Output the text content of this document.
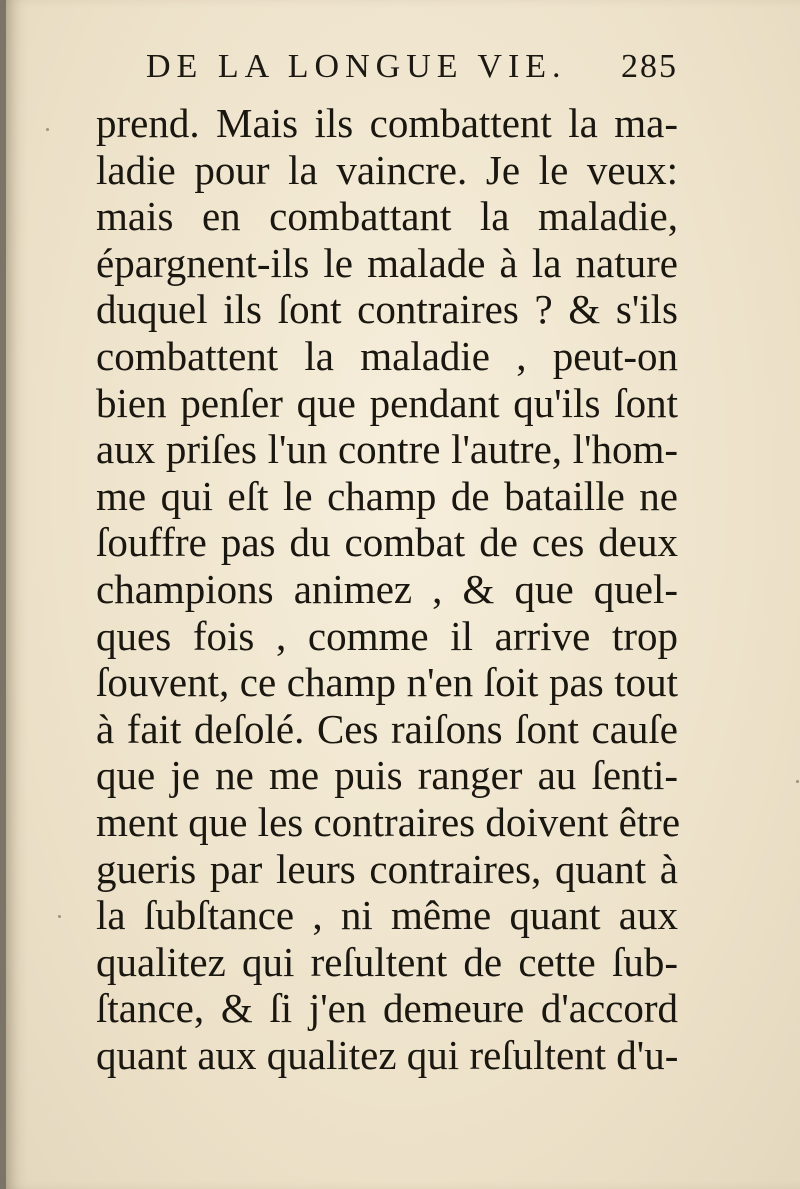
DE LA LONGUE VIE. 285
prend. Mais ils combattent la ma-
ladie pour la vaincre. Je le veux:
mais en combattant la maladie,
épargnent-ils le malade à la nature
duquel ils ſont contraires ? & s'ils
combattent la maladie , peut-on
bien penſer que pendant qu'ils ſont
aux priſes l'un contre l'autre, l'hom-
me qui eſt le champ de bataille ne
ſouffre pas du combat de ces deux
champions animez , & que quel-
ques fois , comme il arrive trop
ſouvent, ce champ n'en ſoit pas tout
à fait deſolé. Ces raiſons ſont cauſe
que je ne me puis ranger au ſenti-
ment que les contraires doivent être
gueris par leurs contraires, quant à
la ſubſtance , ni même quant aux
qualitez qui reſultent de cette ſub-
ſtance, & ſi j'en demeure d'accord
quant aux qualitez qui reſultent d'u-
